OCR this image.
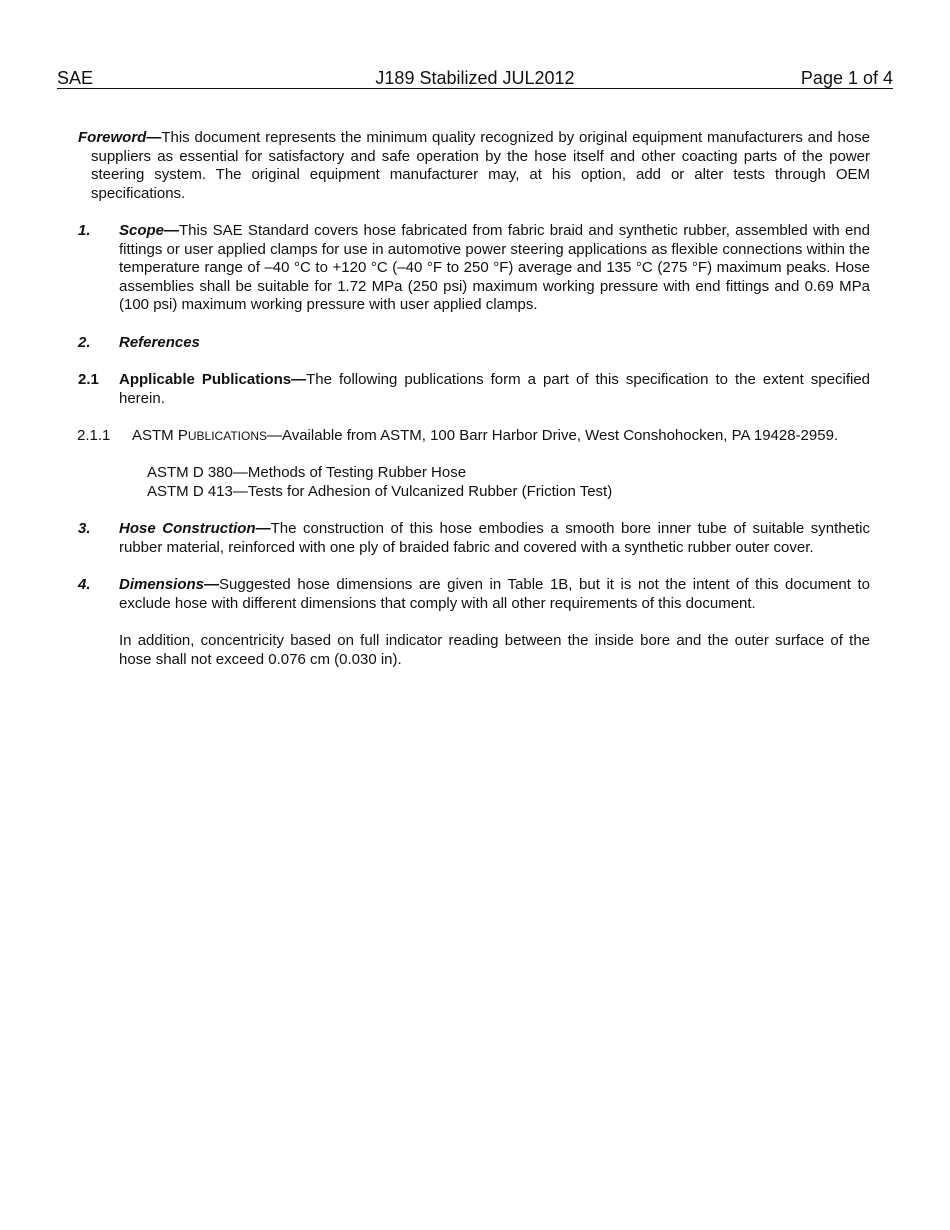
SAE	J189 Stabilized JUL2012	Page 1 of 4
Foreword—This document represents the minimum quality recognized by original equipment manufacturers and hose suppliers as essential for satisfactory and safe operation by the hose itself and other coacting parts of the power steering system. The original equipment manufacturer may, at his option, add or alter tests through OEM specifications.
1. Scope—This SAE Standard covers hose fabricated from fabric braid and synthetic rubber, assembled with end fittings or user applied clamps for use in automotive power steering applications as flexible connections within the temperature range of –40 °C to +120 °C (–40 °F to 250 °F) average and 135 °C (275 °F) maximum peaks. Hose assemblies shall be suitable for 1.72 MPa (250 psi) maximum working pressure with end fittings and 0.69 MPa (100 psi) maximum working pressure with user applied clamps.
2. References
2.1 Applicable Publications—The following publications form a part of this specification to the extent specified herein.
2.1.1 ASTM PUBLICATIONS—Available from ASTM, 100 Barr Harbor Drive, West Conshohocken, PA 19428-2959.
ASTM D 380—Methods of Testing Rubber Hose
ASTM D 413—Tests for Adhesion of Vulcanized Rubber (Friction Test)
3. Hose Construction—The construction of this hose embodies a smooth bore inner tube of suitable synthetic rubber material, reinforced with one ply of braided fabric and covered with a synthetic rubber outer cover.
4. Dimensions—Suggested hose dimensions are given in Table 1B, but it is not the intent of this document to exclude hose with different dimensions that comply with all other requirements of this document.
In addition, concentricity based on full indicator reading between the inside bore and the outer surface of the hose shall not exceed 0.076 cm (0.030 in).
